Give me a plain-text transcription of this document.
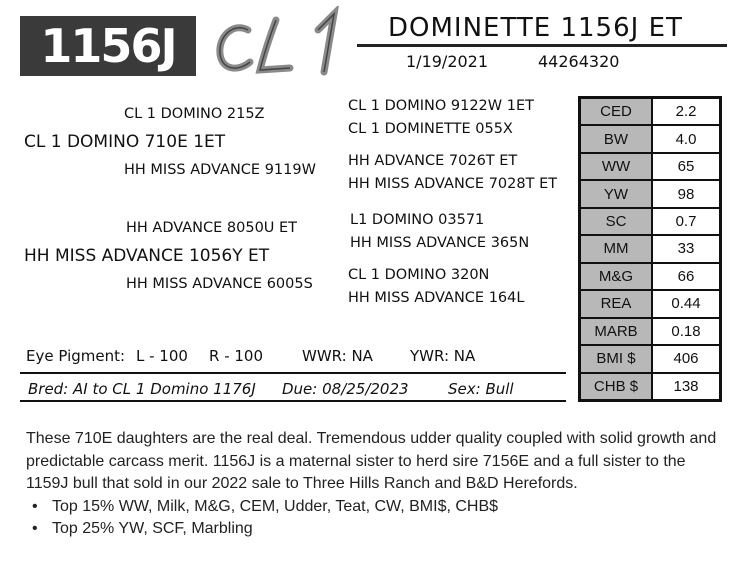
1156J	DOMINETTE 1156J ET
1/19/2021	44264320
CL 1 DOMINO 215Z
CL 1 DOMINO 710E 1ET
HH MISS ADVANCE 9119W
HH ADVANCE 8050U ET
HH MISS ADVANCE 1056Y ET
HH MISS ADVANCE 6005S
CL 1 DOMINO 9122W 1ET
CL 1 DOMINETTE 055X
HH ADVANCE 7026T ET
HH MISS ADVANCE 7028T ET
L1 DOMINO 03571
HH MISS ADVANCE 365N
CL 1 DOMINO 320N
HH MISS ADVANCE 164L
CED	2.2
BW	4.0
WW	65
YW	98
SC	0.7
MM	33
M&G	66
REA	0.44
MARB	0.18
BMI $	406
CHB $	138
Eye Pigment: L - 100 R - 100	WWR: NA YWR: NA
Bred: AI to CL 1 Domino 1176J Due: 08/25/2023	Sex: Bull

These 710E daughters are the real deal. Tremendous udder quality coupled with solid growth and predictable carcass merit. 1156J is a maternal sister to herd sire 7156E and a full sister to the 1159J bull that sold in our 2022 sale to Three Hills Ranch and B&D Herefords.

• Top 15% WW, Milk, M&G, CEM, Udder, Teat, CW, BMI$, CHB$
• Top 25% YW, SCF, Marbling
